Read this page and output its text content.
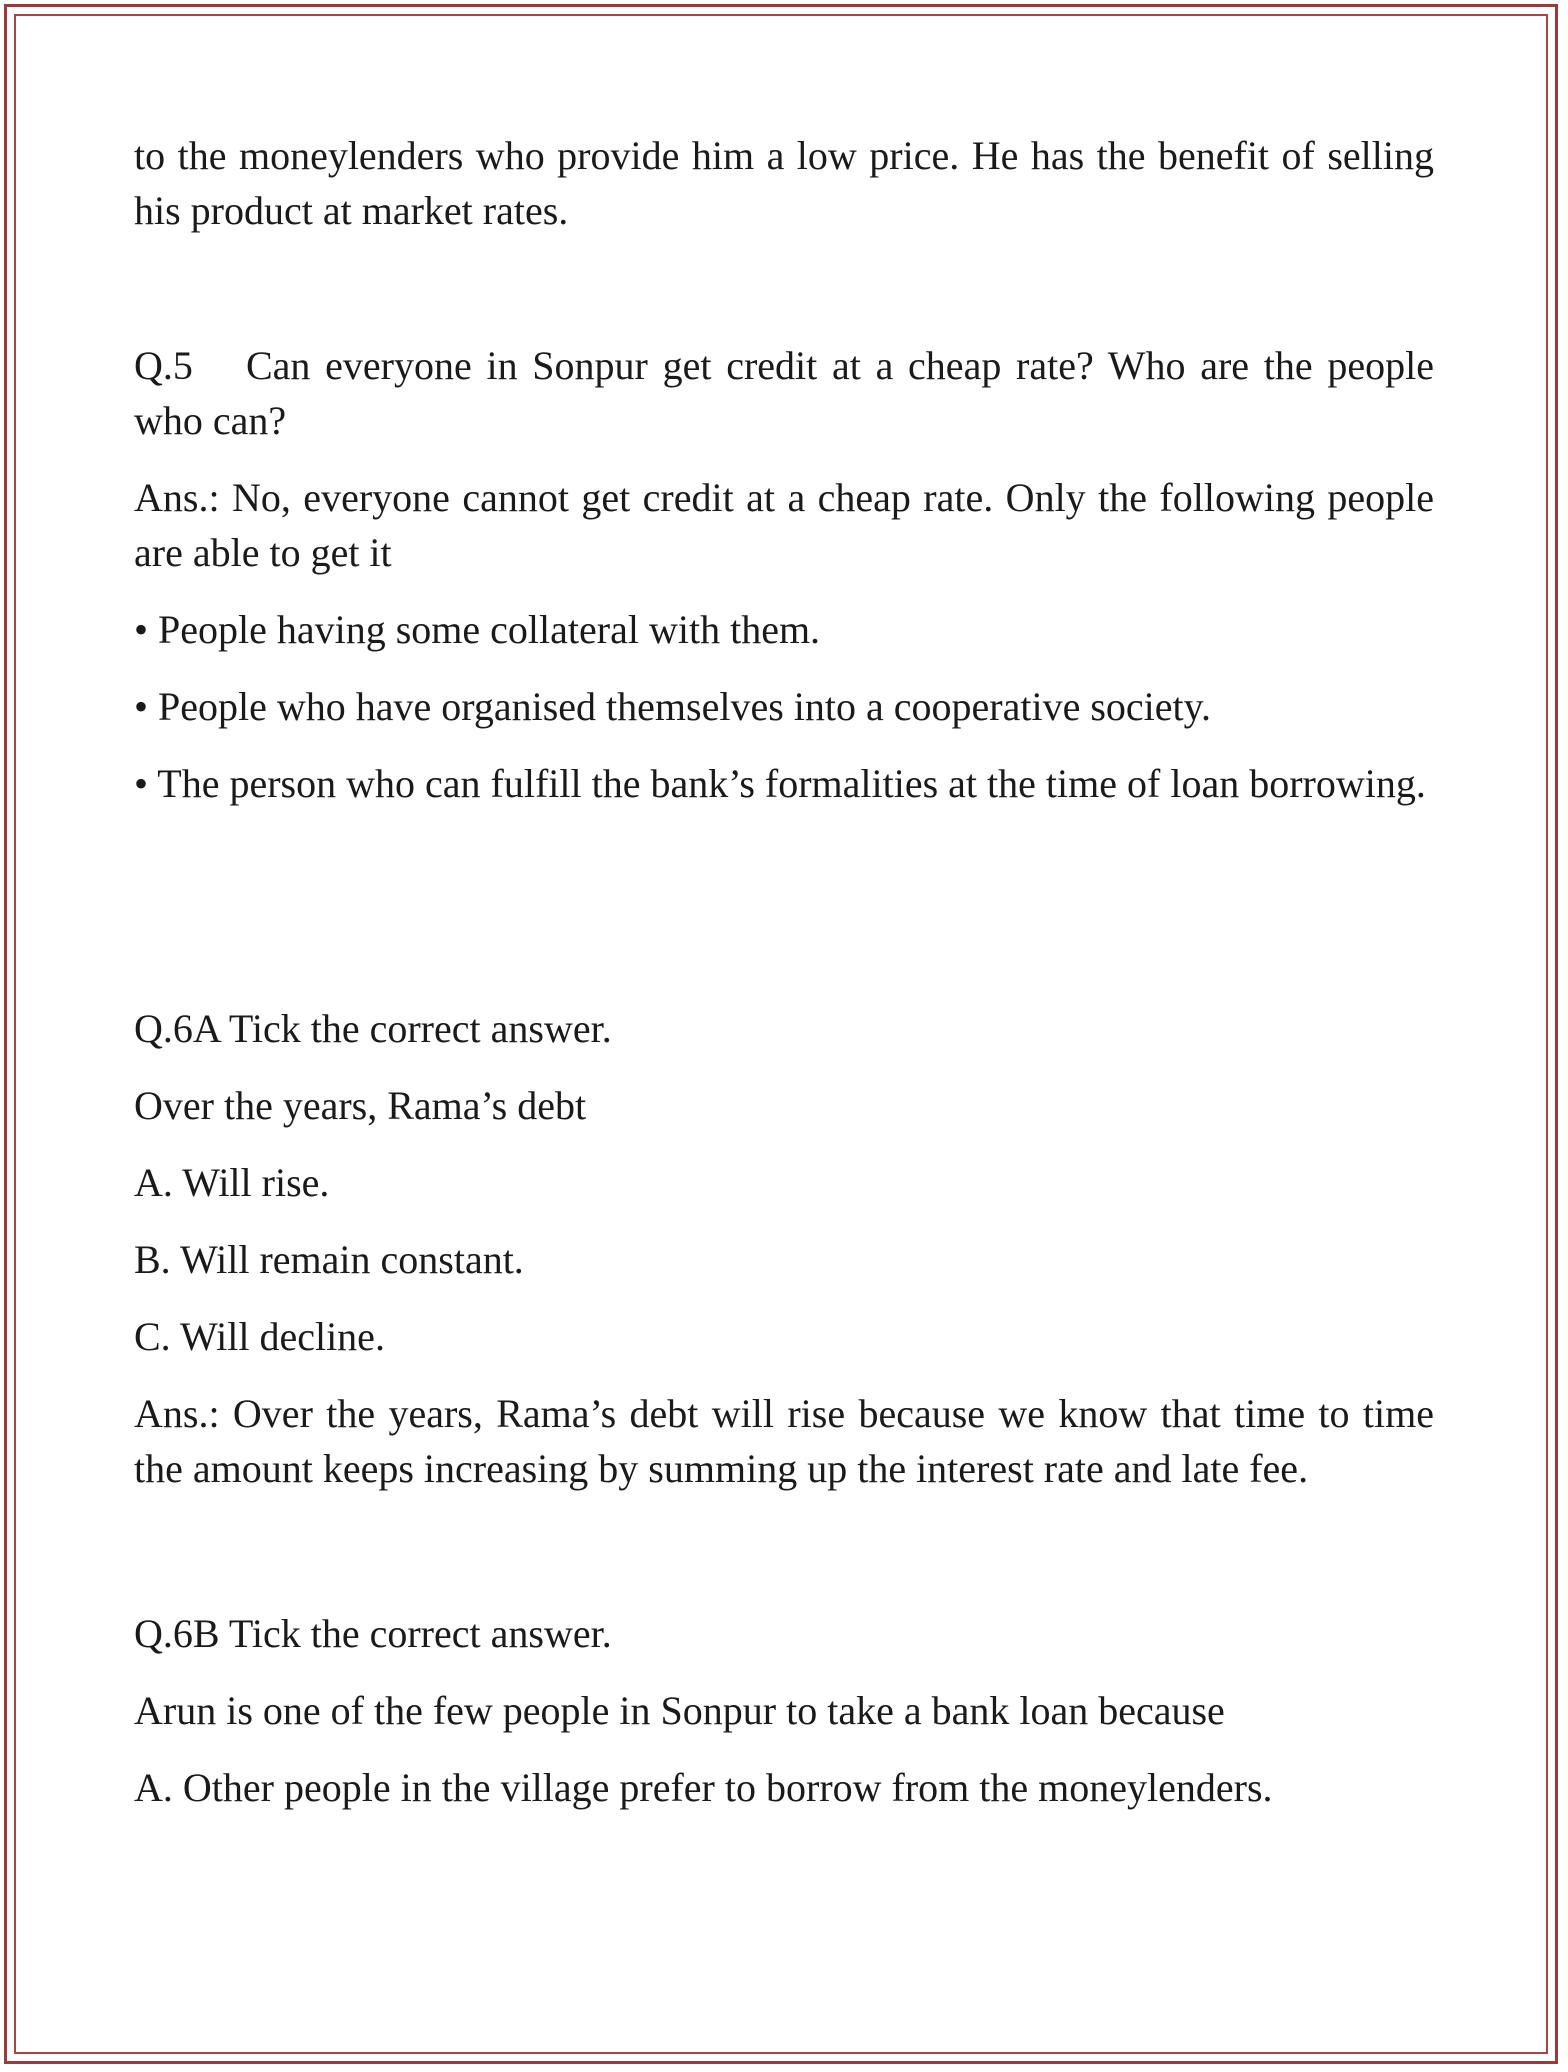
to the moneylenders who provide him a low price. He has the benefit of selling his product at market rates.

Q.5 Can everyone in Sonpur get credit at a cheap rate? Who are the people who can?

Ans.: No, everyone cannot get credit at a cheap rate. Only the following people are able to get it

• People having some collateral with them.

• People who have organised themselves into a cooperative society.

• The person who can fulfill the bank’s formalities at the time of loan borrowing.

Q.6A Tick the correct answer.

Over the years, Rama’s debt

A. Will rise.

B. Will remain constant.

C. Will decline.

Ans.: Over the years, Rama’s debt will rise because we know that time to time the amount keeps increasing by summing up the interest rate and late fee.

Q.6B Tick the correct answer.

Arun is one of the few people in Sonpur to take a bank loan because

A. Other people in the village prefer to borrow from the moneylenders.
